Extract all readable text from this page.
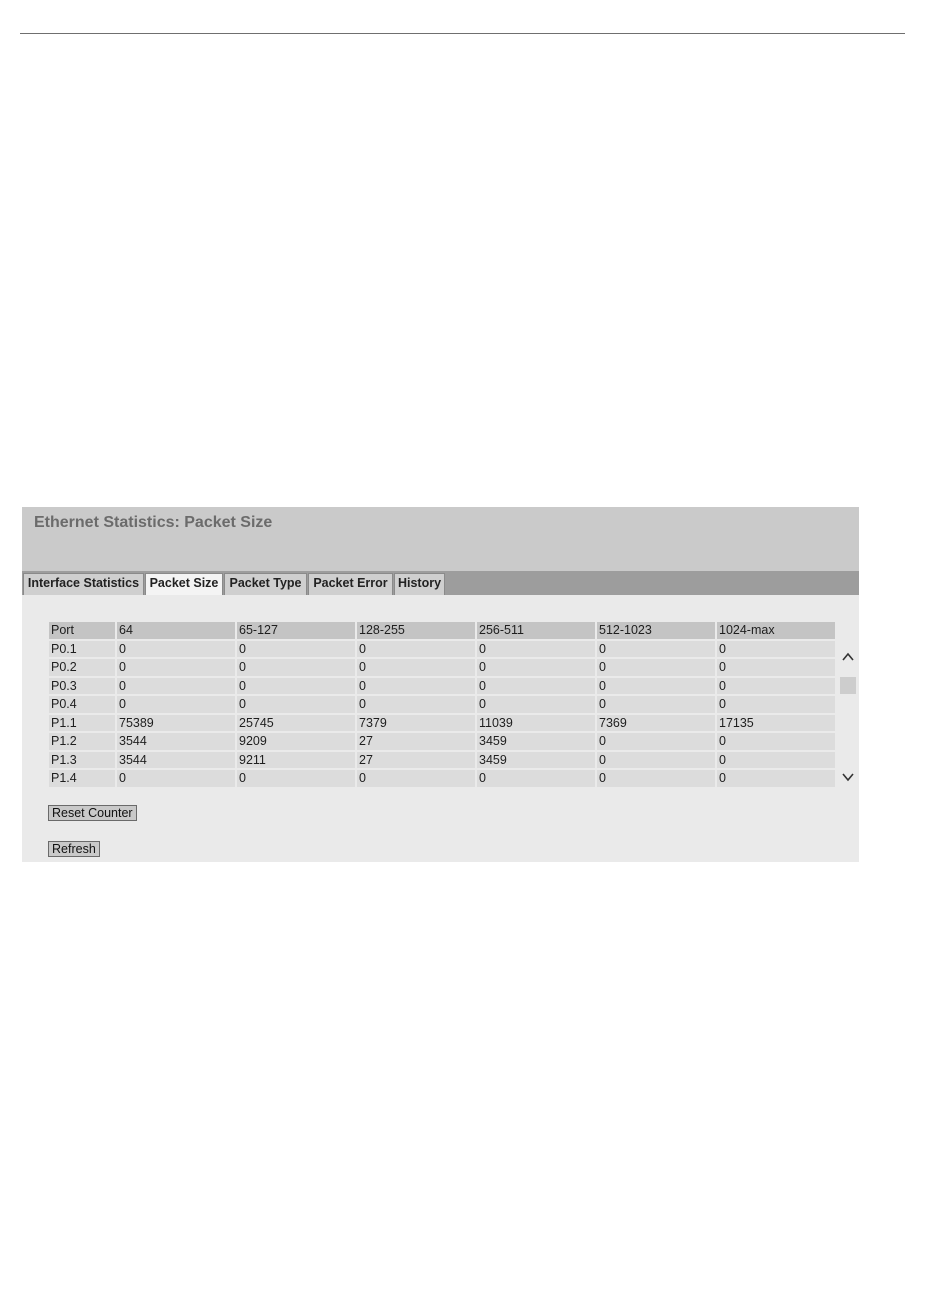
Ethernet Statistics: Packet Size
Interface Statistics Packet Size Packet Type Packet Error History
Port	64	65-127	128-255	256-511	512-1023	1024-max
P0.1	0	0	0	0	0	0
P0.2	0	0	0	0	0	0
P0.3	0	0	0	0	0	0
P0.4	0	0	0	0	0	0
P1.1	75389	25745	7379	11039	7369	17135
P1.2	3544	9209	27	3459	0	0
P1.3	3544	9211	27	3459	0	0
P1.4	0	0	0	0	0	0
Reset Counter
Refresh
